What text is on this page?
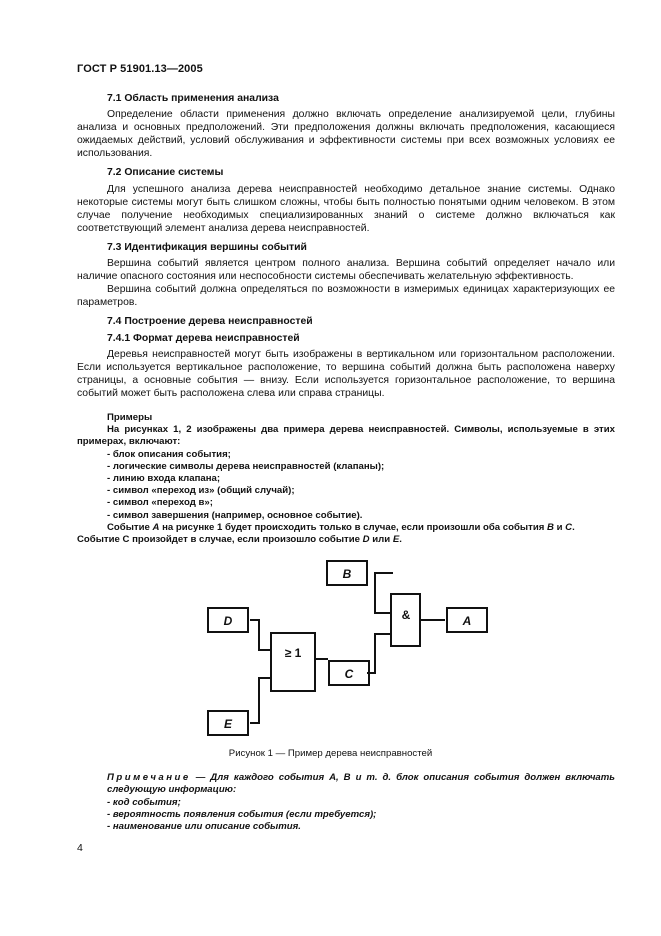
ГОСТ Р 51901.13—2005
7.1 Область применения анализа

Определение области применения должно включать определение анализируемой цели, глубины анализа и основных предположений. Эти предположения должны включать предположения, касающиеся ожидаемых действий, условий обслуживания и эффективности системы при всех возможных условиях ее использования.

7.2 Описание системы

Для успешного анализа дерева неисправностей необходимо детальное знание системы. Однако некоторые системы могут быть слишком сложны, чтобы быть полностью понятыми одним человеком. В этом случае получение необходимых специализированных знаний о системе должно включаться как соответствующий элемент анализа дерева неисправностей.

7.3 Идентификация вершины событий

Вершина событий является центром полного анализа. Вершина событий определяет начало или наличие опасного состояния или неспособности системы обеспечивать желательную эффективность.

Вершина событий должна определяться по возможности в измеримых единицах характеризующих ее параметров.

7.4 Построение дерева неисправностей
7.4.1 Формат дерева неисправностей

Деревья неисправностей могут быть изображены в вертикальном или горизонтальном расположении. Если используется вертикальное расположение, то вершина событий должна быть расположена наверху страницы, а основные события — внизу. Если используется горизонтальное расположение, то вершина событий может быть расположена слева или справа страницы.

Примеры
На рисунках 1, 2 изображены два примера дерева неисправностей. Символы, используемые в этих примерах, включают:
- блок описания события;
- логические символы дерева неисправностей (клапаны);
- линию входа клапана;
- символ «переход из» (общий случай);
- символ «переход в»;
- символ завершения (например, основное событие).
Событие А на рисунке 1 будет происходить только в случае, если произошли оба события В и С.
Событие С произойдет в случае, если произошло событие D или Е.
B
A
D
C
E
&
≥ 1
Рисунок 1 — Пример дерева неисправностей
Примечание — Для каждого события А, В и т. д. блок описания события должен включать следующую информацию:
- код события;
- вероятность появления события (если требуется);
- наименование или описание события.
4
